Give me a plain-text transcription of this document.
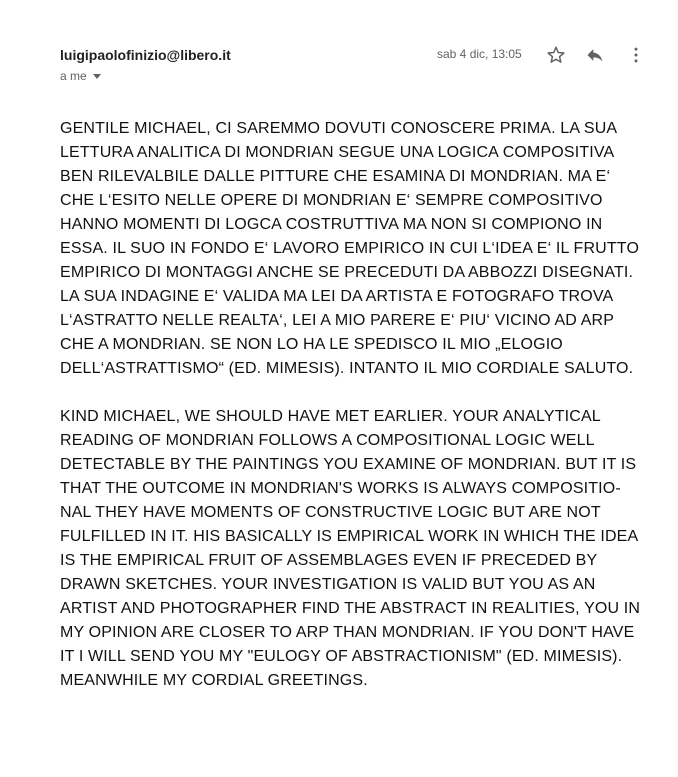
luigipaolofinizio@libero.it
a me
sab 4 dic, 13:05
GENTILE MICHAEL, CI SAREMMO DOVUTI CONOSCERE PRIMA. LA SUA
LETTURA ANALITICA DI MONDRIAN SEGUE UNA LOGICA COMPOSITIVA
BEN RILEVALBILE DALLE PITTURE CHE ESAMINA DI MONDRIAN. MA E‘
CHE L‘ESITO NELLE OPERE DI MONDRIAN E‘ SEMPRE COMPOSITIVO
HANNO MOMENTI DI LOGCA COSTRUTTIVA MA NON SI COMPIONO IN
ESSA. IL SUO IN FONDO E‘ LAVORO EMPIRICO IN CUI L‘IDEA E‘ IL FRUTTO
EMPIRICO DI MONTAGGI ANCHE SE PRECEDUTI DA ABBOZZI DISEGNATI.
LA SUA INDAGINE E‘ VALIDA MA LEI DA ARTISTA E FOTOGRAFO TROVA
L‘ASTRATTO NELLE REALTA‘, LEI A MIO PARERE E‘ PIU‘ VICINO AD ARP
CHE A MONDRIAN. SE NON LO HA LE SPEDISCO IL MIO „ELOGIO
DELL‘ASTRATTISMO“ (ED. MIMESIS). INTANTO IL MIO CORDIALE SALUTO.
KIND MICHAEL, WE SHOULD HAVE MET EARLIER. YOUR ANALYTICAL
READING OF MONDRIAN FOLLOWS A COMPOSITIONAL LOGIC WELL
DETECTABLE BY THE PAINTINGS YOU EXAMINE OF MONDRIAN. BUT IT IS
THAT THE OUTCOME IN MONDRIAN'S WORKS IS ALWAYS COMPOSITIO-
NAL THEY HAVE MOMENTS OF CONSTRUCTIVE LOGIC BUT ARE NOT
FULFILLED IN IT. HIS BASICALLY IS EMPIRICAL WORK IN WHICH THE IDEA
IS THE EMPIRICAL FRUIT OF ASSEMBLAGES EVEN IF PRECEDED BY
DRAWN SKETCHES. YOUR INVESTIGATION IS VALID BUT YOU AS AN
ARTIST AND PHOTOGRAPHER FIND THE ABSTRACT IN REALITIES, YOU IN
MY OPINION ARE CLOSER TO ARP THAN MONDRIAN. IF YOU DON'T HAVE
IT I WILL SEND YOU MY "EULOGY OF ABSTRACTIONISM" (ED. MIMESIS).
MEANWHILE MY CORDIAL GREETINGS.
